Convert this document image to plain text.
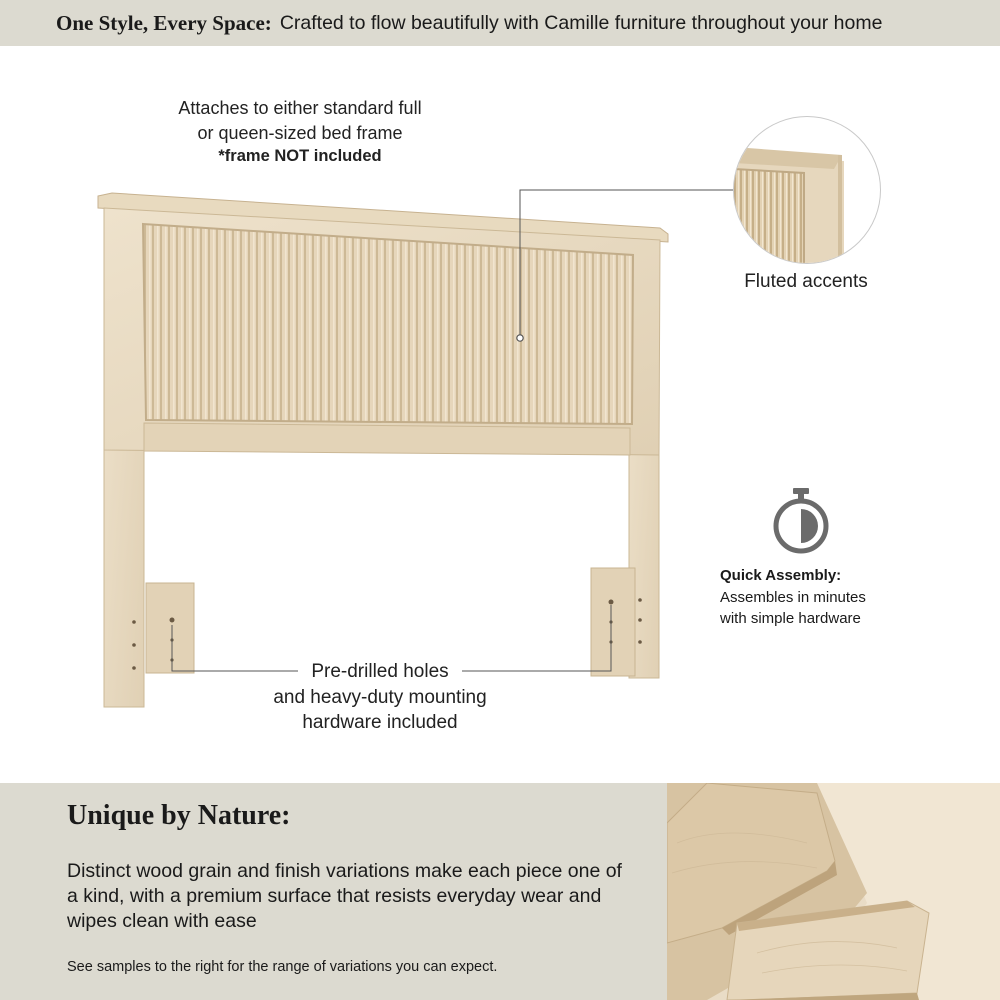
One Style, Every Space: Crafted to flow beautifully with Camille furniture throughout your home
Attaches to either standard full
or queen-sized bed frame
*frame NOT included
Fluted accents
Quick Assembly:
Assembles in minutes
with simple hardware
Pre-drilled holes
and heavy-duty mounting
hardware included
Unique by Nature:
Distinct wood grain and finish variations make each piece one of a kind, with a premium surface that resists everyday wear and wipes clean with ease
See samples to the right for the range of variations you can expect.
